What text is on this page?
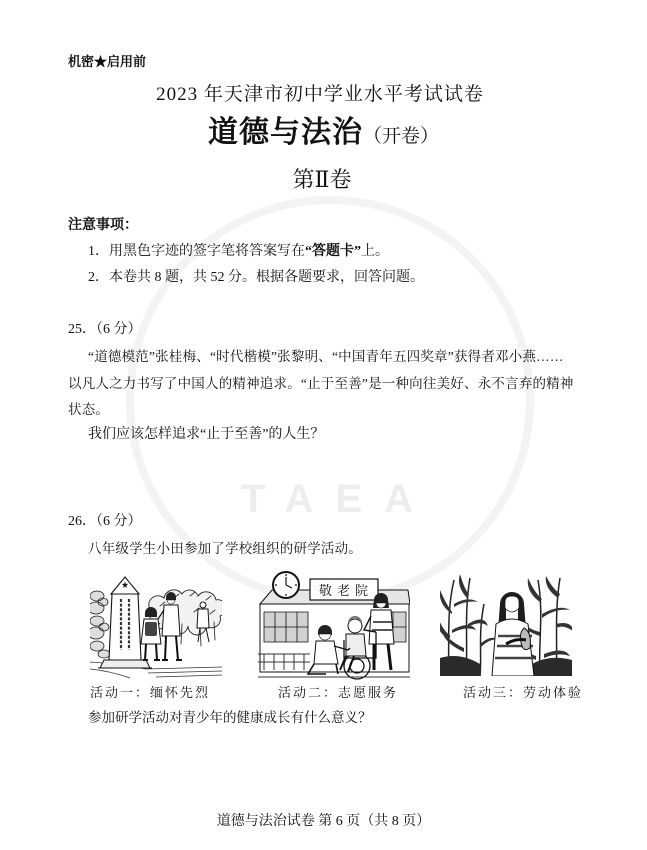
TAEA
机密★启用前
2023 年天津市初中学业水平考试试卷
道德与法治（开卷）
第Ⅱ卷
注意事项：
1．用黑色字迹的签字笔将答案写在“答题卡”上。
2．本卷共 8 题，共 52 分。根据各题要求，回答问题。
25．（6 分）
“道德模范”张桂梅、“时代楷模”张黎明、“中国青年五四奖章”获得者邓小燕……
以凡人之力书写了中国人的精神追求。“止于至善”是一种向往美好、永不言弃的精神
状态。
我们应该怎样追求“止于至善”的人生？
26．（6 分）
八年级学生小田参加了学校组织的研学活动。
敬老院
活动一：缅怀先烈	活动二：志愿服务	活动三：劳动体验
参加研学活动对青少年的健康成长有什么意义？
道德与法治试卷 第 6 页（共 8 页）
